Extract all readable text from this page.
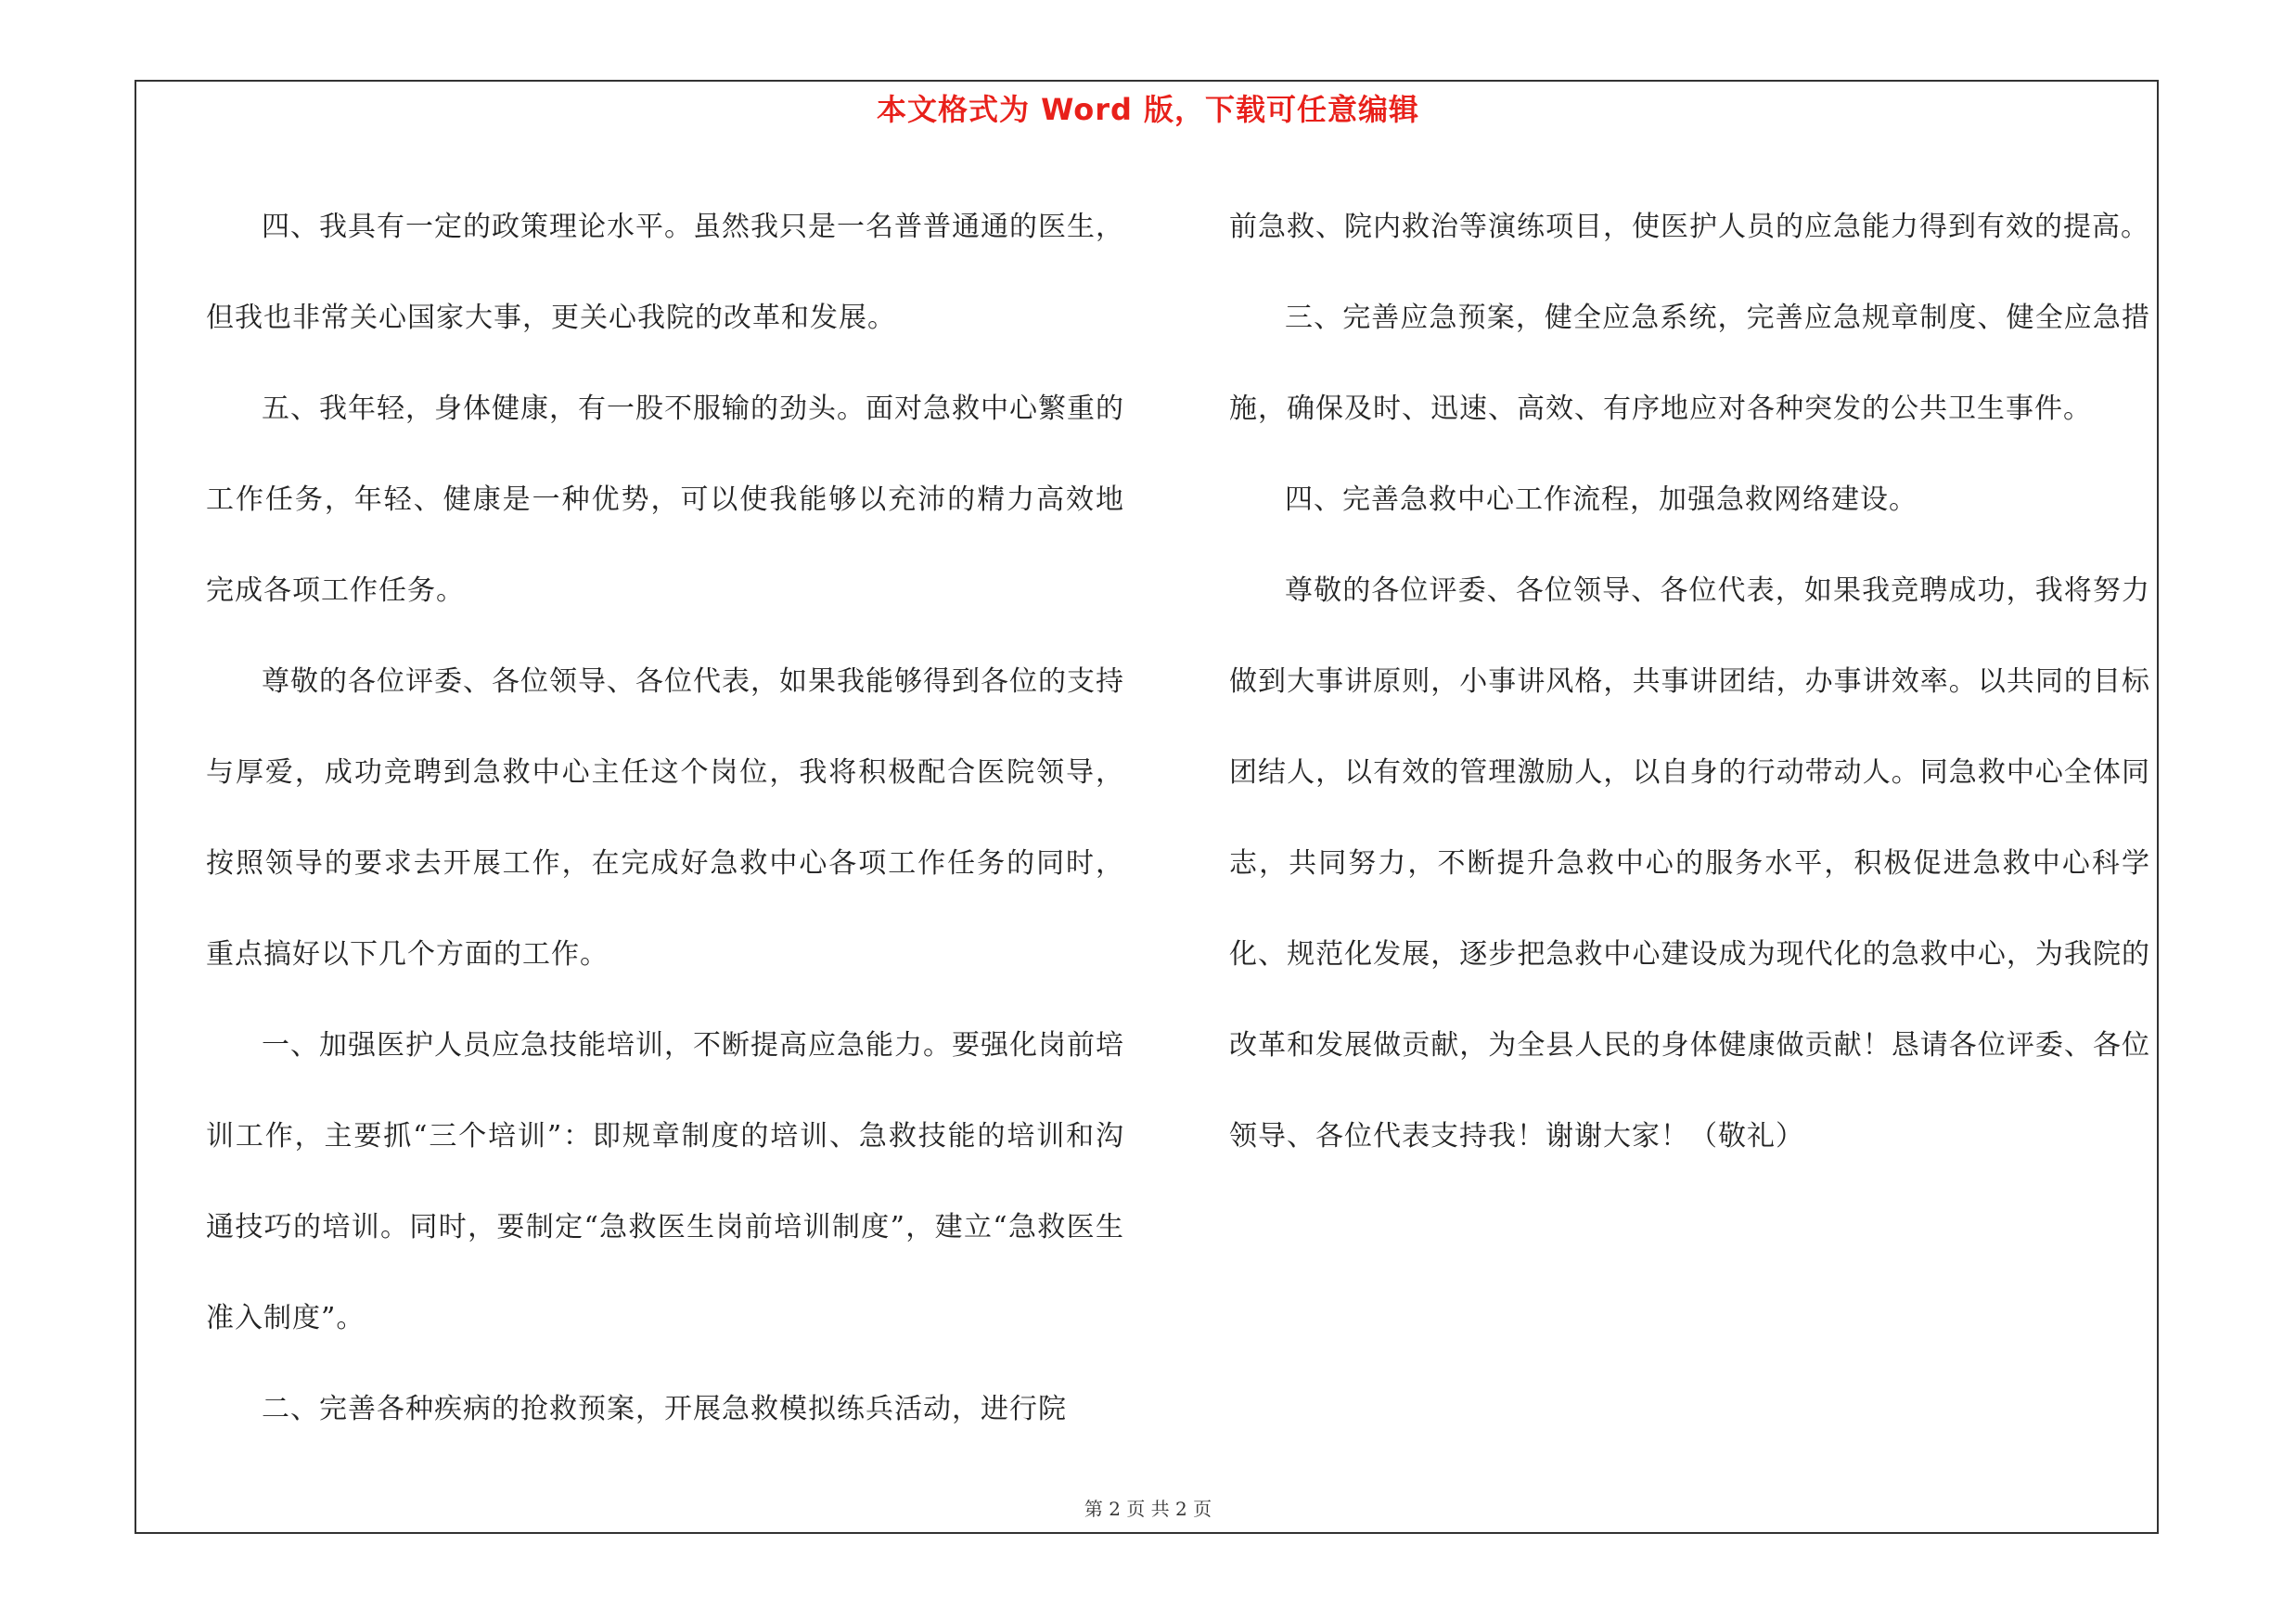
本文格式为 Word 版，下载可任意编辑

四、我具有一定的政策理论水平。虽然我只是一名普普通通的医生，但我也非常关心国家大事，更关心我院的改革和发展。

五、我年轻，身体健康，有一股不服输的劲头。面对急救中心繁重的工作任务，年轻、健康是一种优势，可以使我能够以充沛的精力高效地完成各项工作任务。

尊敬的各位评委、各位领导、各位代表，如果我能够得到各位的支持与厚爱，成功竞聘到急救中心主任这个岗位，我将积极配合医院领导，按照领导的要求去开展工作，在完成好急救中心各项工作任务的同时，重点搞好以下几个方面的工作。

一、加强医护人员应急技能培训，不断提高应急能力。要强化岗前培训工作，主要抓“三个培训”：即规章制度的培训、急救技能的培训和沟通技巧的培训。同时，要制定“急救医生岗前培训制度”，建立“急救医生准入制度”。

二、完善各种疾病的抢救预案，开展急救模拟练兵活动，进行院

前急救、院内救治等演练项目，使医护人员的应急能力得到有效的提高。

三、完善应急预案，健全应急系统，完善应急规章制度、健全应急措施，确保及时、迅速、高效、有序地应对各种突发的公共卫生事件。

四、完善急救中心工作流程，加强急救网络建设。

尊敬的各位评委、各位领导、各位代表，如果我竞聘成功，我将努力做到大事讲原则，小事讲风格，共事讲团结，办事讲效率。以共同的目标团结人，以有效的管理激励人，以自身的行动带动人。同急救中心全体同志，共同努力，不断提升急救中心的服务水平，积极促进急救中心科学化、规范化发展，逐步把急救中心建设成为现代化的急救中心，为我院的改革和发展做贡献，为全县人民的身体健康做贡献！恳请各位评委、各位领导、各位代表支持我！谢谢大家！（敬礼）

第 2 页 共 2 页
